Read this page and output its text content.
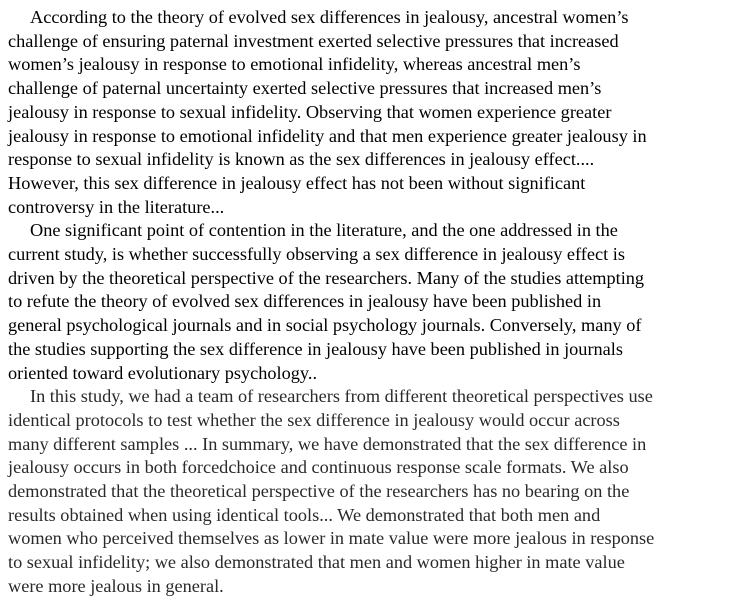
According to the theory of evolved sex differences in jealousy, ancestral women’s
challenge of ensuring paternal investment exerted selective pressures that increased
women’s jealousy in response to emotional infidelity, whereas ancestral men’s
challenge of paternal uncertainty exerted selective pressures that increased men’s
jealousy in response to sexual infidelity. Observing that women experience greater
jealousy in response to emotional infidelity and that men experience greater jealousy in
response to sexual infidelity is known as the sex differences in jealousy effect....
However, this sex difference in jealousy effect has not been without significant
controversy in the literature...

One significant point of contention in the literature, and the one addressed in the
current study, is whether successfully observing a sex difference in jealousy effect is
driven by the theoretical perspective of the researchers. Many of the studies attempting
to refute the theory of evolved sex differences in jealousy have been published in
general psychological journals and in social psychology journals. Conversely, many of
the studies supporting the sex difference in jealousy have been published in journals
oriented toward evolutionary psychology..

In this study, we had a team of researchers from different theoretical perspectives use
identical protocols to test whether the sex difference in jealousy would occur across
many different samples ... In summary, we have demonstrated that the sex difference in
jealousy occurs in both forcedchoice and continuous response scale formats. We also
demonstrated that the theoretical perspective of the researchers has no bearing on the
results obtained when using identical tools... We demonstrated that both men and
women who perceived themselves as lower in mate value were more jealous in response
to sexual infidelity; we also demonstrated that men and women higher in mate value
were more jealous in general.
